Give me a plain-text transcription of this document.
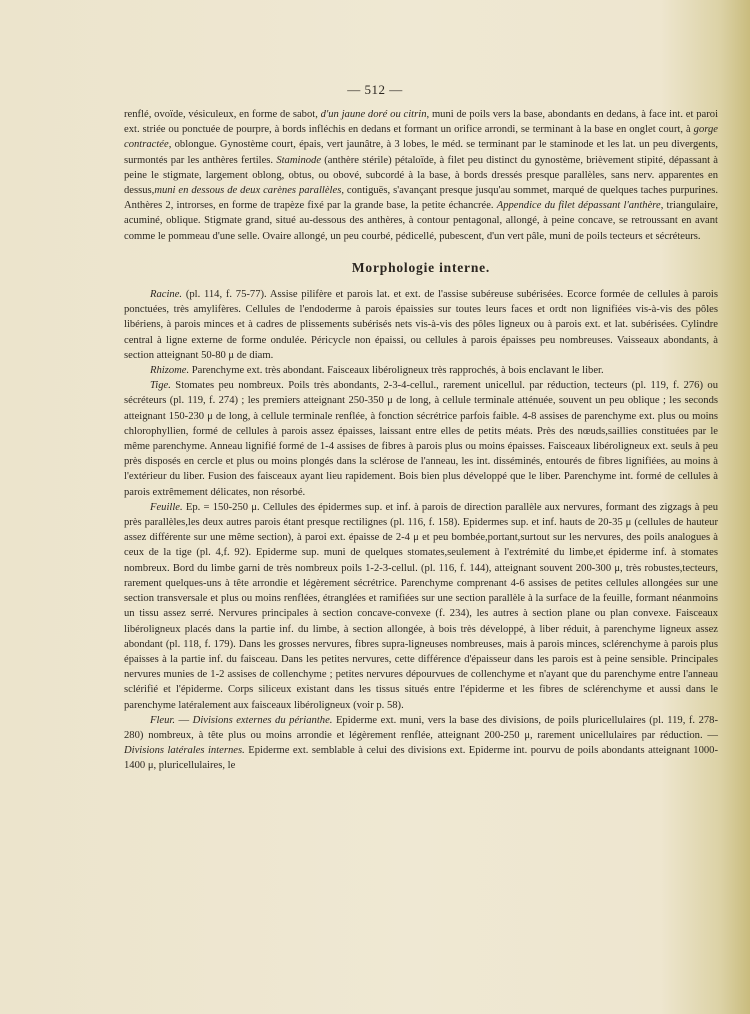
— 512 —

renflé, ovoïde, vésiculeux, en forme de sabot, d'un jaune doré ou citrin, muni de poils vers la base, abondants en dedans, à face int. et paroi ext. striée ou ponctuée de pourpre, à bords infléchis en dedans et formant un orifice arrondi, se terminant à la base en onglet court, à gorge contractée, oblongue. Gynostème court, épais, vert jaunâtre, à 3 lobes, le méd. se terminant par le staminode et les lat. un peu divergents, surmontés par les anthères fertiles. Staminode (anthère stérile) pétaloïde, à filet peu distinct du gynostème, brièvement stipité, dépassant à peine le stigmate, largement oblong, obtus, ou obové, subcordé à la base, à bords dressés presque parallèles, sans nerv. apparentes en dessus,muni en dessous de deux carènes parallèles, contiguës, s'avançant presque jusqu'au sommet, marqué de quelques taches purpurines. Anthères 2, introrses, en forme de trapèze fixé par la grande base, la petite échancrée. Appendice du filet dépassant l'anthère, triangulaire, acuminé, oblique. Stigmate grand, situé au-dessous des anthères, à contour pentagonal, allongé, à peine concave, se retroussant en avant comme le pommeau d'une selle. Ovaire allongé, un peu courbé, pédicellé, pubescent, d'un vert pâle, muni de poils tecteurs et sécréteurs.

Morphologie interne.

Racine. (pl. 114, f. 75-77). Assise pilifère et parois lat. et ext. de l'assise subéreuse subérisées. Ecorce formée de cellules à parois ponctuées, très amylifères. Cellules de l'endoderme à parois épaissies sur toutes leurs faces et ordt non lignifiées vis-à-vis des pôles libériens, à parois minces et à cadres de plissements subérisés nets vis-à-vis des pôles ligneux ou à parois ext. et lat. subérisées. Cylindre central à ligne externe de forme ondulée. Péricycle non épaissi, ou cellules à parois épaisses peu nombreuses. Vaisseaux abondants, à section atteignant 50-80 μ de diam.

Rhizome. Parenchyme ext. très abondant. Faisceaux libéroligneux très rapprochés, à bois enclavant le liber.

Tige. Stomates peu nombreux. Poils très abondants, 2-3-4-cellul., rarement unicellul. par réduction, tecteurs (pl. 119, f. 276) ou sécréteurs (pl. 119, f. 274) ; les premiers atteignant 250-350 μ de long, à cellule terminale atténuée, souvent un peu oblique ; les seconds atteignant 150-230 μ de long, à cellule terminale renflée, à fonction sécrétrice parfois faible. 4-8 assises de parenchyme ext. plus ou moins chlorophyllien, formé de cellules à parois assez épaisses, laissant entre elles de petits méats. Près des nœuds,saillies constituées par le même parenchyme. Anneau lignifié formé de 1-4 assises de fibres à parois plus ou moins épaisses. Faisceaux libéroligneux ext. seuls à peu près disposés en cercle et plus ou moins plongés dans la sclérose de l'anneau, les int. disséminés, entourés de fibres lignifiées, au moins à l'extérieur du liber. Fusion des faisceaux ayant lieu rapidement. Bois bien plus développé que le liber. Parenchyme int. formé de cellules à parois extrêmement délicates, non résorbé.

Feuille. Ep. = 150-250 μ. Cellules des épidermes sup. et inf. à parois de direction parallèle aux nervures, formant des zigzags à peu près parallèles,les deux autres parois étant presque rectilignes (pl. 116, f. 158). Epidermes sup. et inf. hauts de 20-35 μ (cellules de hauteur assez différente sur une même section), à paroi ext. épaisse de 2-4 μ et peu bombée,portant,surtout sur les nervures, des poils analogues à ceux de la tige (pl. 4,f. 92). Epiderme sup. muni de quelques stomates,seulement à l'extrémité du limbe,et épiderme inf. à stomates nombreux. Bord du limbe garni de très nombreux poils 1-2-3-cellul. (pl. 116, f. 144), atteignant souvent 200-300 μ, très robustes,tecteurs, rarement quelques-uns à tête arrondie et légèrement sécrétrice. Parenchyme comprenant 4-6 assises de petites cellules allongées sur une section transversale et plus ou moins renflées, étranglées et ramifiées sur une section parallèle à la surface de la feuille, formant néanmoins un tissu assez serré. Nervures principales à section concave-convexe (f. 234), les autres à section plane ou plan convexe. Faisceaux libéroligneux placés dans la partie inf. du limbe, à section allongée, à bois très développé, à liber réduit, à parenchyme ligneux assez abondant (pl. 118, f. 179). Dans les grosses nervures, fibres supra-ligneuses nombreuses, mais à parois minces, sclérenchyme à parois plus épaisses à la partie inf. du faisceau. Dans les petites nervures, cette différence d'épaisseur dans les parois est à peine sensible. Principales nervures munies de 1-2 assises de collenchyme ; petites nervures dépourvues de collenchyme et n'ayant que du parenchyme entre l'anneau sclérifié et l'épiderme. Corps siliceux existant dans les tissus situés entre l'épiderme et les fibres de sclérenchyme et aussi dans le parenchyme latéralement aux faisceaux libéroligneux (voir p. 58).

Fleur. — Divisions externes du périanthe. Epiderme ext. muni, vers la base des divisions, de poils pluricellulaires (pl. 119, f. 278-280) nombreux, à tête plus ou moins arrondie et légèrement renflée, atteignant 200-250 μ, rarement unicellulaires par réduction. — Divisions latérales internes. Epiderme ext. semblable à celui des divisions ext. Epiderme int. pourvu de poils abondants atteignant 1000-1400 μ, pluricellulaires, le
